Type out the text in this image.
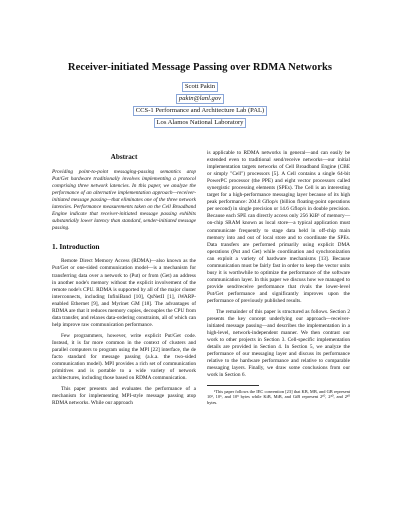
Receiver-initiated Message Passing over RDMA Networks
Scott Pakin
pakin@lanl.gov
CCS-1 Performance and Architecture Lab (PAL)
Los Alamos National Laboratory
Abstract

Providing point-to-point messaging-passing semantics atop Put/Get hardware traditionally involves implementing a protocol comprising three network latencies. In this paper, we analyze the performance of an alternative implementation approach—receiver-initiated message passing—that eliminates one of the three network latencies. Performance measurements taken on the Cell Broadband Engine indicate that receiver-initiated message passing exhibits substantially lower latency than standard, sender-initiated message passing.

1. Introduction

Remote Direct Memory Access (RDMA)—also known as the Put/Get or one-sided communication model—is a mechanism for transferring data over a network to (Put) or from (Get) an address in another node's memory without the explicit involvement of the remote node's CPU. RDMA is supported by all of the major cluster interconnects, including InfiniBand [10], QsNetII [1], iWARP-enabled Ethernet [9], and Myrinet GM [18]. The advantages of RDMA are that it reduces memory copies, decouples the CPU from data transfer, and relaxes data-ordering constraints, all of which can help improve raw communication performance.

Few programmers, however, write explicit Put/Get code. Instead, it is far more common in the context of clusters and parallel computers to program using the MPI [22] interface, the de facto standard for message passing (a.k.a. the two-sided communication model). MPI provides a rich set of communication primitives and is portable to a wide variety of network architectures, including those based on RDMA communication.

This paper presents and evaluates the performance of a mechanism for implementing MPI-style message passing atop RDMA networks. While our approach

is applicable to RDMA networks in general—and can easily be extended even to traditional send/receive networks—our initial implementation targets networks of Cell Broadband Engine (CBE or simply "Cell") processors [5]. A Cell contains a single 64-bit PowerPC processor (the PPE) and eight vector processors called synergistic processing elements (SPEs). The Cell is an interesting target for a high-performance messaging layer because of its high peak performance: 204.8 Gflop/s (billion floating-point operations per second) in single precision or 14.6 Gflop/s in double precision. Because each SPE can directly access only 256 KiB¹ of memory—on-chip SRAM known as local store—a typical application must communicate frequently to stage data held in off-chip main memory into and out of local store and to coordinate the SPEs. Data transfers are performed primarily using explicit DMA operations (Put and Get) while coordination and synchronization can exploit a variety of hardware mechanisms [13]. Because communication must be fairly fast in order to keep the vector units busy it is worthwhile to optimize the performance of the software communication layer. In this paper we discuss how we managed to provide send/receive performance that rivals the lower-level Put/Get performance and significantly improves upon the performance of previously published results.

The remainder of this paper is structured as follows. Section 2 presents the key concept underlying our approach—receiver-initiated message passing—and describes the implementation in a high-level, network-independent manner. We then contrast our work to other projects in Section 3. Cell-specific implementation details are provided in Section 4. In Section 5, we analyze the performance of our messaging layer and discuss its performance relative to the hardware performance and relative to comparable messaging layers. Finally, we draw some conclusions from our work in Section 6.

¹This paper follows the IEC convention [23] that KB, MB, and GB represent 10³, 10⁶, and 10⁹ bytes while KiB, MiB, and GiB represent 2¹⁰, 2²⁰, and 2³⁰ bytes.
